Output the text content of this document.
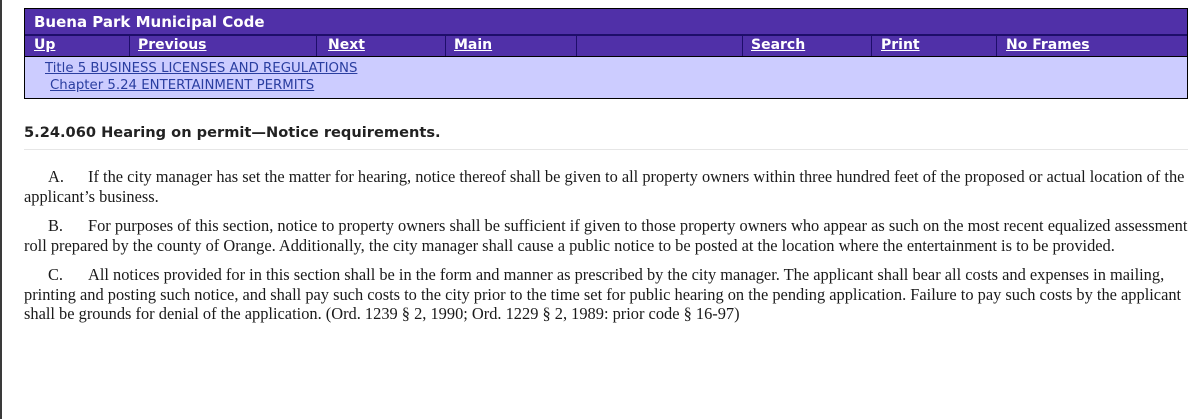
Buena Park Municipal Code
Up	Previous	Next	Main	Search	Print	No Frames
Title 5 BUSINESS LICENSES AND REGULATIONS
Chapter 5.24 ENTERTAINMENT PERMITS
5.24.060 Hearing on permit—Notice requirements.

A. If the city manager has set the matter for hearing, notice thereof shall be given to all property owners within three hundred feet of the proposed or actual location of the applicant’s business.

B. For purposes of this section, notice to property owners shall be sufficient if given to those property owners who appear as such on the most recent equalized assessment roll prepared by the county of Orange. Additionally, the city manager shall cause a public notice to be posted at the location where the entertainment is to be provided.

C. All notices provided for in this section shall be in the form and manner as prescribed by the city manager. The applicant shall bear all costs and expenses in mailing, printing and posting such notice, and shall pay such costs to the city prior to the time set for public hearing on the pending application. Failure to pay such costs by the applicant shall be grounds for denial of the application. (Ord. 1239 § 2, 1990; Ord. 1229 § 2, 1989: prior code § 16-97)
